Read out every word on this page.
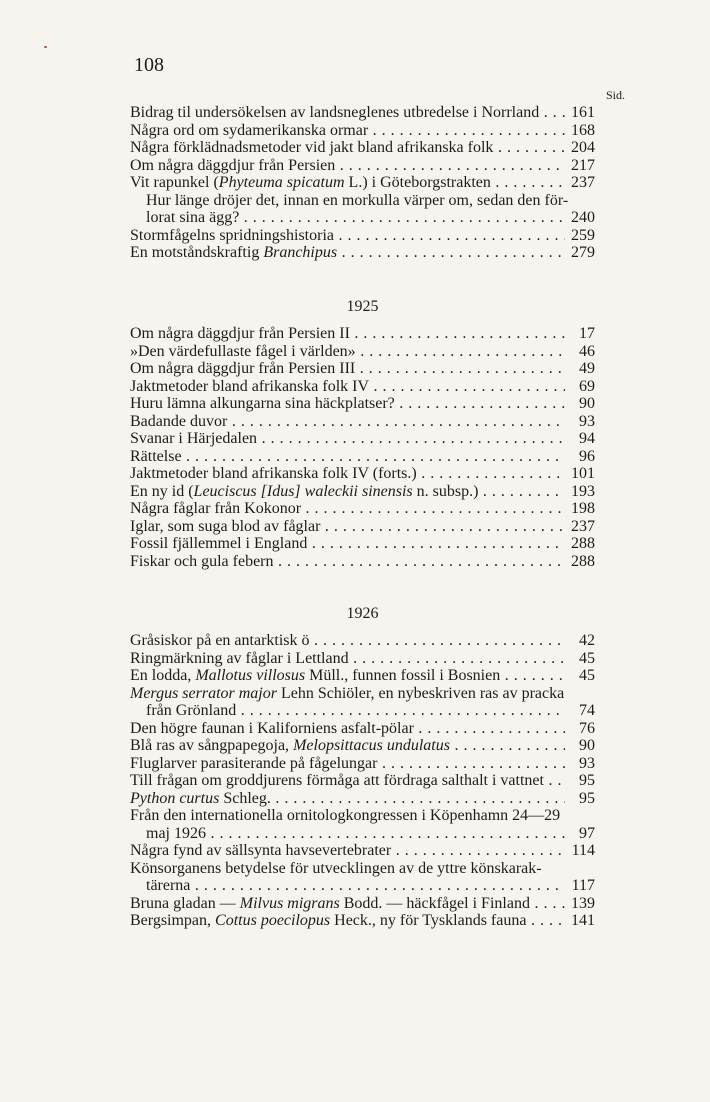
108
Sid.
Bidrag til undersökelsen av landsneglenes utbredelse i Norrland . . .	161
Några ord om sydamerikanska ormar . . .	168
Några förklädnadsmetoder vid jakt bland afrikanska folk . . .	204
Om några däggdjur från Persien . . .	217
Vit rapunkel (Phyteuma spicatum L.) i Göteborgstrakten . . .	237
Hur länge dröjer det, innan en morkulla värper om, sedan den för-
lorat sina ägg? . . .	240
Stormfågelns spridningshistoria . . .	259
En motståndskraftig Branchipus . . .	279
1925
Om några däggdjur från Persien II . . .	17
»Den värdefullaste fågel i världen» . . .	46
Om några däggdjur från Persien III . . .	49
Jaktmetoder bland afrikanska folk IV . . .	69
Huru lämna alkungarna sina häckplatser? . . .	90
Badande duvor . . .	93
Svanar i Härjedalen . . .	94
Rättelse . . .	96
Jaktmetoder bland afrikanska folk IV (forts.) . . .	101
En ny id (Leuciscus [Idus] waleckii sinensis n. subsp.) . . .	193
Några fåglar från Kokonor . . .	198
Iglar, som suga blod av fåglar . . .	237
Fossil fjällemmel i England . . .	288
Fiskar och gula febern . . .	288
1926
Gråsiskor på en antarktisk ö . . .	42
Ringmärkning av fåglar i Lettland . . .	45
En lodda, Mallotus villosus Müll., funnen fossil i Bosnien . . .	45
Mergus serrator major Lehn Schiöler, en nybeskriven ras av pracka
från Grönland . . .	74
Den högre faunan i Kaliforniens asfalt-pölar . . .	76
Blå ras av sångpapegoja, Melopsittacus undulatus . . .	90
Fluglarver parasiterande på fågelungar . . .	93
Till frågan om groddjurens förmåga att fördraga salthalt i vattnet . . .	95
Python curtus Schleg. . . .	95
Från den internationella ornitologkongressen i Köpenhamn 24—29
maj 1926 . . .	97
Några fynd av sällsynta havsevertebrater . . .	114
Könsorganens betydelse för utvecklingen av de yttre könskarak-
tärerna . . .	117
Bruna gladan — Milvus migrans Bodd. — häckfågel i Finland . . .	139
Bergsimpan, Cottus poecilopus Heck., ny för Tysklands fauna . . .	141
